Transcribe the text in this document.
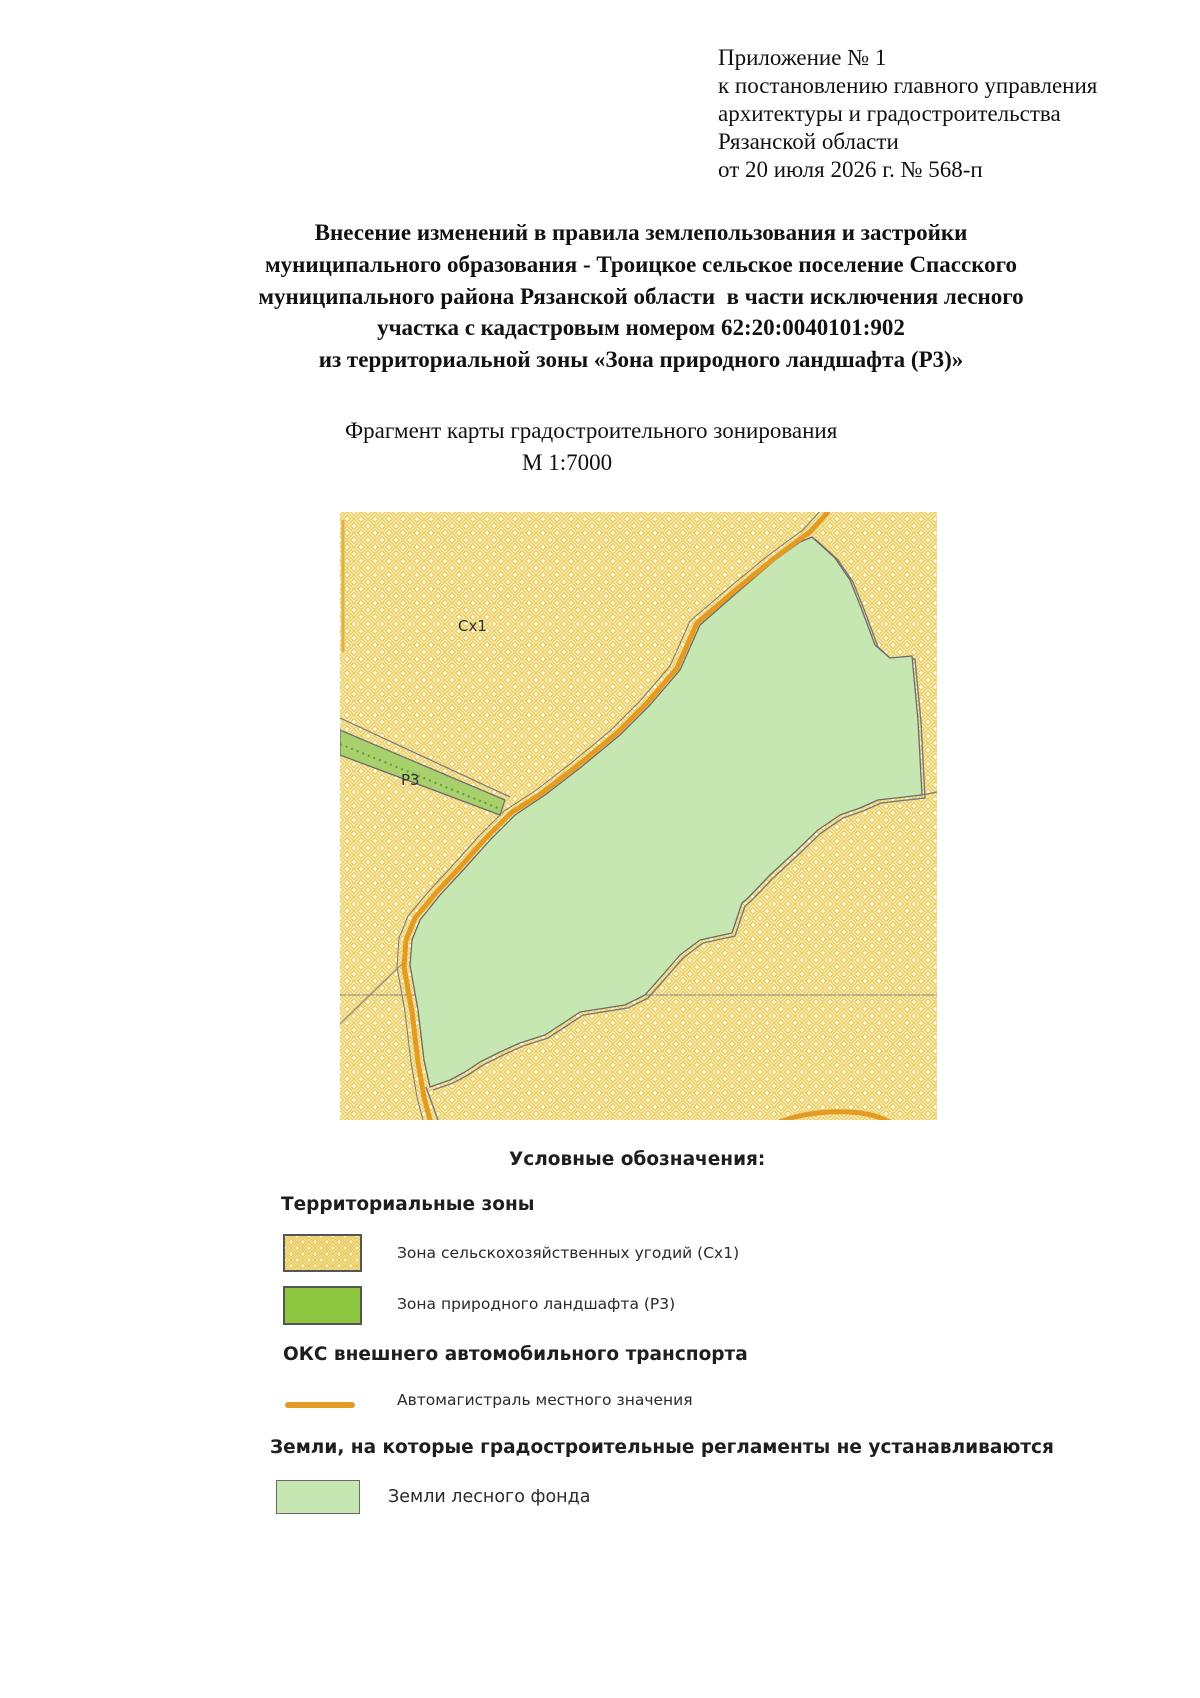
Приложение № 1
к постановлению главного управления
архитектуры и градостроительства
Рязанской области
от 20 июля 2026 г. № 568-п
Внесение изменений в правила землепользования и застройки
муниципального образования - Троицкое сельское поселение Спасского
муниципального района Рязанской области  в части исключения лесного
участка с кадастровым номером 62:20:0040101:902
из территориальной зоны «Зона природного ландшафта (Р3)»
Фрагмент карты градостроительного зонирования
М 1:7000
Сх1
Р3
Условные обозначения:
Территориальные зоны
Зона сельскохозяйственных угодий (Сх1)
Зона природного ландшафта (Р3)
ОКС внешнего автомобильного транспорта
Автомагистраль местного значения
Земли, на которые градостроительные регламенты не устанавливаются
Земли лесного фонда
